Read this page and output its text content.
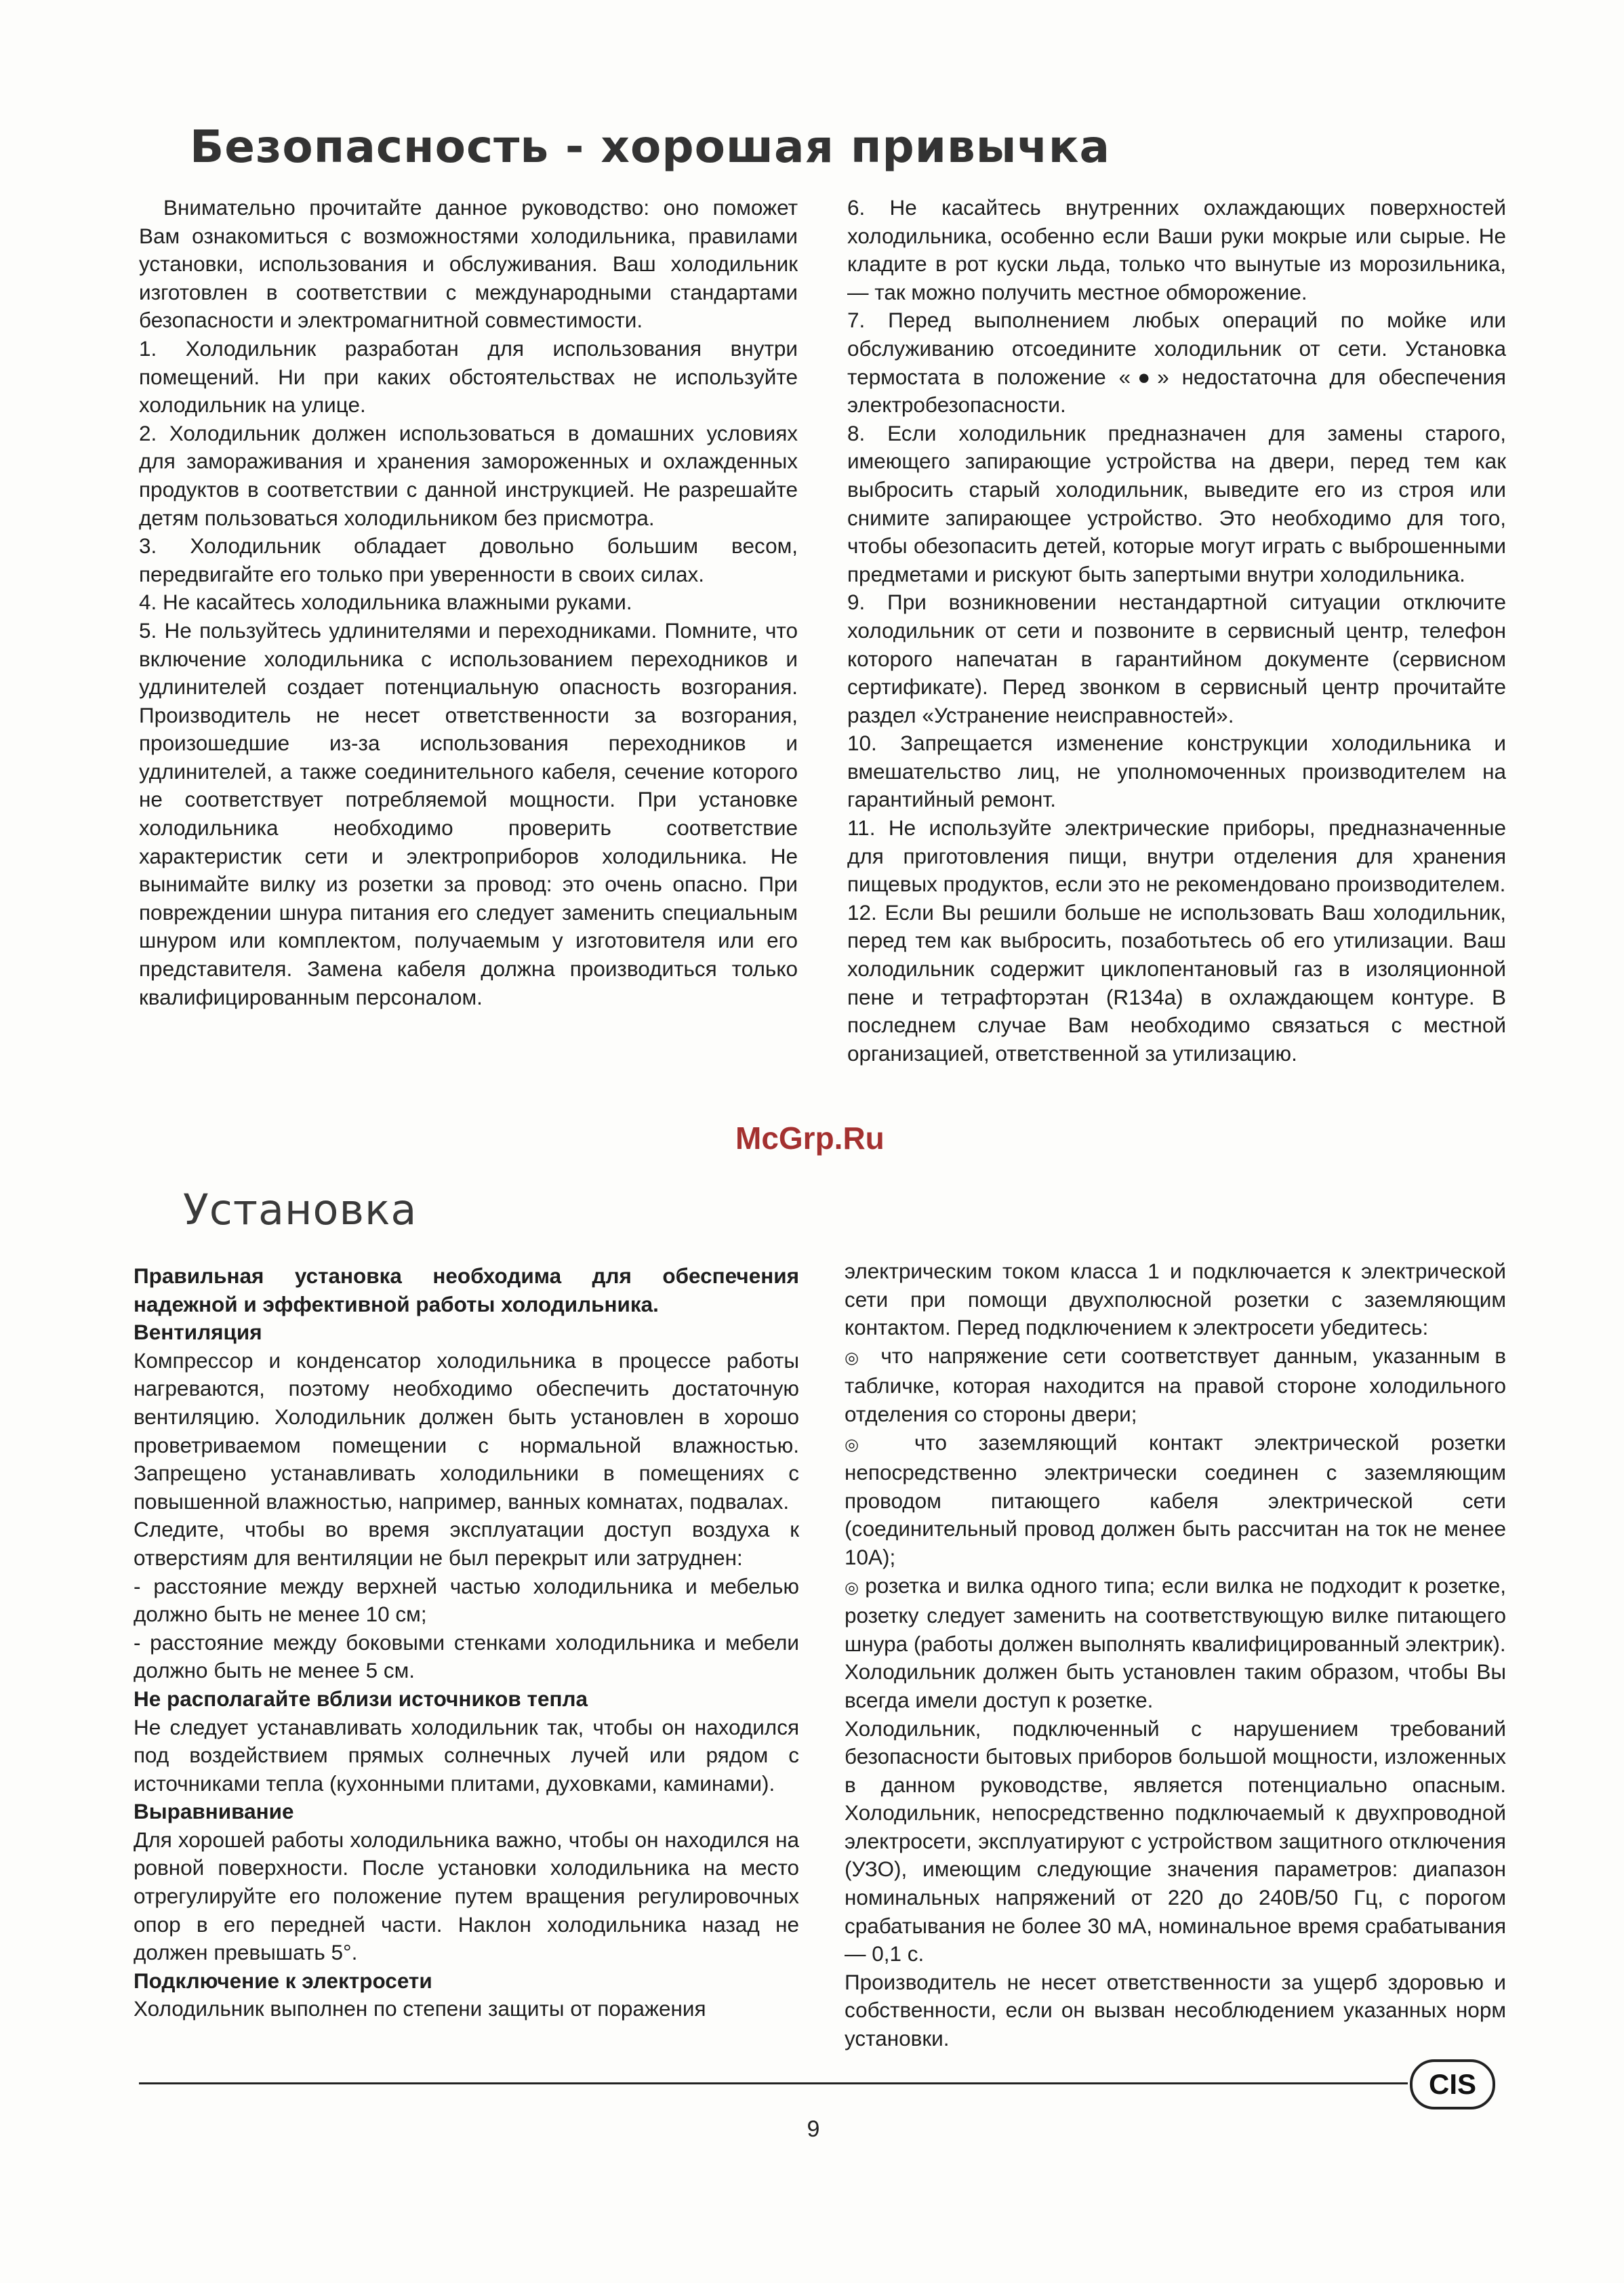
Безопасность - хорошая привычка

Внимательно прочитайте данное руководство: оно поможет Вам ознакомиться с возможностями холодильника, правилами установки, использования и обслуживания. Ваш холодильник изготовлен в соответствии с международными стандартами безопасности и электромагнитной совместимости.

1. Холодильник разработан для использования внутри помещений. Ни при каких обстоятельствах не используйте холодильник на улице.

2. Холодильник должен использоваться в домашних условиях для замораживания и хранения замороженных и охлажденных продуктов в соответствии с данной инструкцией. Не разрешайте детям пользоваться холодильником без присмотра.

3. Холодильник обладает довольно большим весом, передвигайте его только при уверенности в своих силах.

4. Не касайтесь холодильника влажными руками.

5. Не пользуйтесь удлинителями и переходниками. Помните, что включение холодильника с использованием переходников и удлинителей создает потенциальную опасность возгорания. Производитель не несет ответственности за возгорания, произошедшие из-за использования переходников и удлинителей, а также соединительного кабеля, сечение которого не соответствует потребляемой мощности. При установке холодильника необходимо проверить соответствие характеристик сети и электроприборов холодильника. Не вынимайте вилку из розетки за провод: это очень опасно. При повреждении шнура питания его следует заменить специальным шнуром или комплектом, получаемым у изготовителя или его представителя. Замена кабеля должна производиться только квалифицированным персоналом.

6. Не касайтесь внутренних охлаждающих поверхностей холодильника, особенно если Ваши руки мокрые или сырые. Не кладите в рот куски льда, только что вынутые из морозильника, — так можно получить местное обморожение.

7. Перед выполнением любых операций по мойке или обслуживанию отсоедините холодильник от сети. Установка термостата в положение «●» недостаточна для обеспечения электробезопасности.

8. Если холодильник предназначен для замены старого, имеющего запирающие устройства на двери, перед тем как выбросить старый холодильник, выведите его из строя или снимите запирающее устройство. Это необходимо для того, чтобы обезопасить детей, которые могут играть с выброшенными предметами и рискуют быть запертыми внутри холодильника.

9. При возникновении нестандартной ситуации отключите холодильник от сети и позвоните в сервисный центр, телефон которого напечатан в гарантийном документе (сервисном сертификате). Перед звонком в сервисный центр прочитайте раздел «Устранение неисправностей».

10. Запрещается изменение конструкции холодильника и вмешательство лиц, не уполномоченных производителем на гарантийный ремонт.

11. Не используйте электрические приборы, предназначенные для приготовления пищи, внутри отделения для хранения пищевых продуктов, если это не рекомендовано производителем.

12. Если Вы решили больше не использовать Ваш холодильник, перед тем как выбросить, позаботьтесь об его утилизации. Ваш холодильник содержит циклопентановый газ в изоляционной пене и тетрафторэтан (R134a) в охлаждающем контуре. В последнем случае Вам необходимо связаться с местной организацией, ответственной за утилизацию.

McGrp.Ru
Установка

Правильная установка необходима для обеспечения надежной и эффективной работы холодильника.

Вентиляция

Компрессор и конденсатор холодильника в процессе работы нагреваются, поэтому необходимо обеспечить достаточную вентиляцию. Холодильник должен быть установлен в хорошо проветриваемом помещении с нормальной влажностью. Запрещено устанавливать холодильники в помещениях с повышенной влажностью, например, ванных комнатах, подвалах.

Следите, чтобы во время эксплуатации доступ воздуха к отверстиям для вентиляции не был перекрыт или затруднен:

- расстояние между верхней частью холодильника и мебелью должно быть не менее 10 см;

- расстояние между боковыми стенками холодильника и мебели должно быть не менее 5 см.

Не располагайте вблизи источников тепла

Не следует устанавливать холодильник так, чтобы он находился под воздействием прямых солнечных лучей или рядом с источниками тепла (кухонными плитами, духовками, каминами).

Выравнивание

Для хорошей работы холодильника важно, чтобы он находился на ровной поверхности. После установки холодильника на место отрегулируйте его положение путем вращения регулировочных опор в его передней части. Наклон холодильника назад не должен превышать 5°.

Подключение к электросети

Холодильник выполнен по степени защиты от поражения

электрическим током класса 1 и подключается к электрической сети при помощи двухполюсной розетки с заземляющим контактом. Перед подключением к электросети убедитесь:

◎ что напряжение сети соответствует данным, указанным в табличке, которая находится на правой стороне холодильного отделения со стороны двери;

◎ что заземляющий контакт электрической розетки непосредственно электрически соединен с заземляющим проводом питающего кабеля электрической сети (соединительный провод должен быть рассчитан на ток не менее 10А);

◎ розетка и вилка одного типа; если вилка не подходит к розетке, розетку следует заменить на соответствующую вилке питающего шнура (работы должен выполнять квалифицированный электрик).

Холодильник должен быть установлен таким образом, чтобы Вы всегда имели доступ к розетке.

Холодильник, подключенный с нарушением требований безопасности бытовых приборов большой мощности, изложенных в данном руководстве, является потенциально опасным. Холодильник, непосредственно подключаемый к двухпроводной электросети, эксплуатируют с устройством защитного отключения (УЗО), имеющим следующие значения параметров: диапазон номинальных напряжений от 220 до 240В/50 Гц, с порогом срабатывания не более 30 мА, номинальное время срабатывания — 0,1 с.

Производитель не несет ответственности за ущерб здоровью и собственности, если он вызван несоблюдением указанных норм установки.

CIS
9
